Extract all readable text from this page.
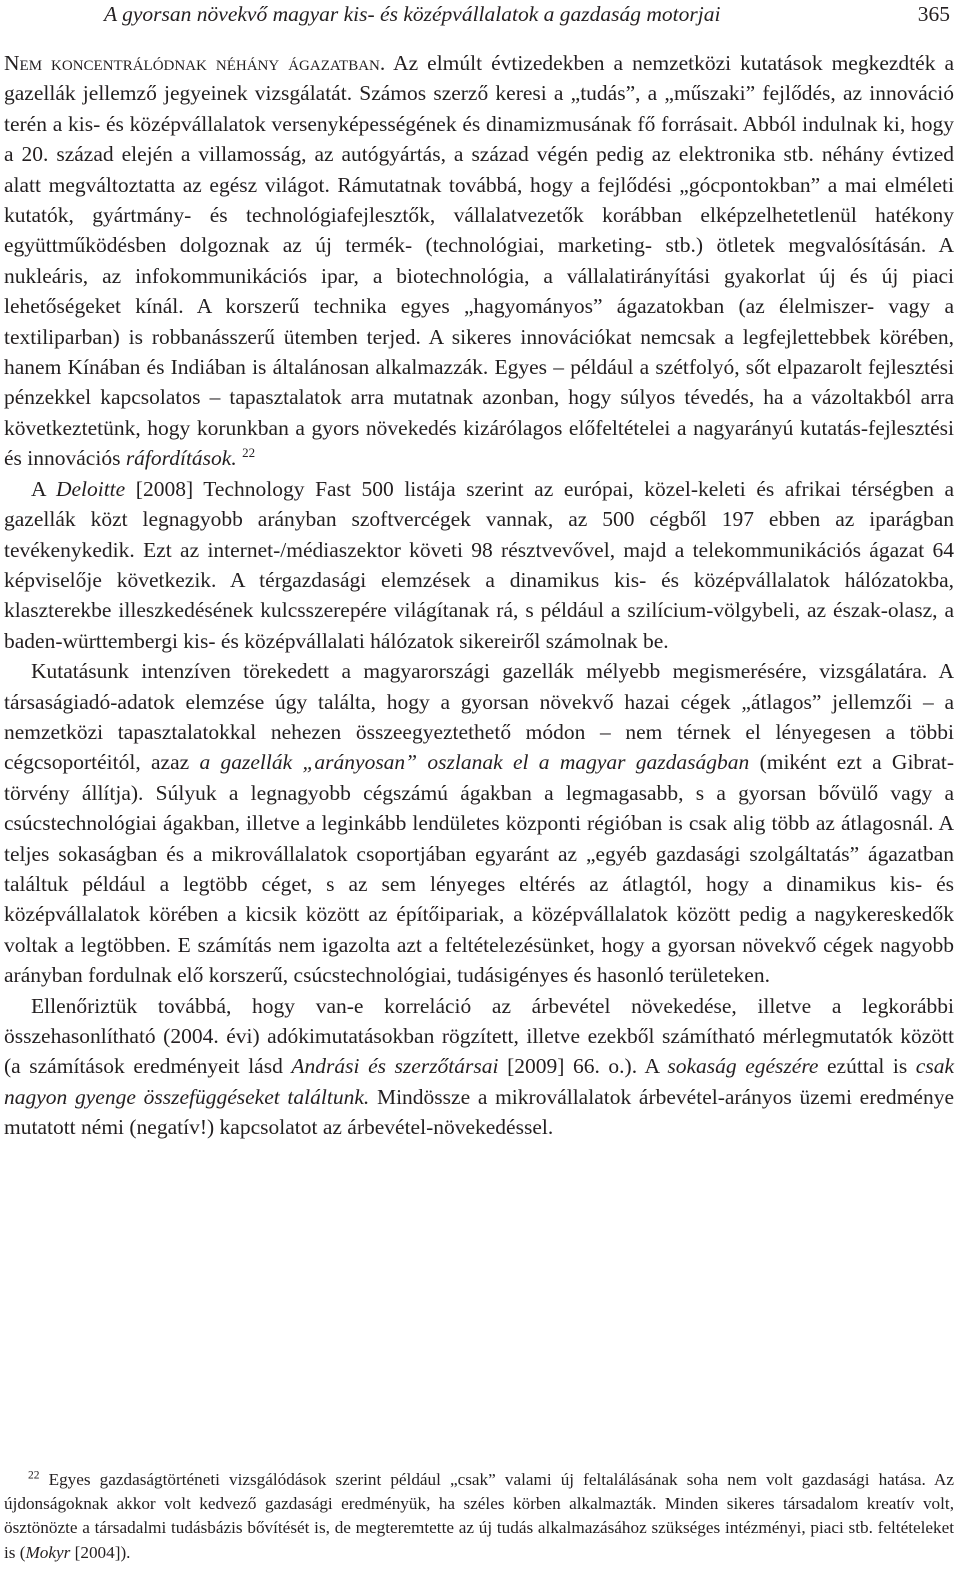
A gyorsan növekvő magyar kis- és középvállalatok a gazdaság motorjai	365

Nem koncentrálódnak néhány ágazatban. Az elmúlt évtizedekben a nemzetközi kutatások megkezdték a gazellák jellemző jegyeinek vizsgálatát. Számos szerző keresi a „tudás”, a „műszaki” fejlődés, az innováció terén a kis- és középvállalatok versenyképességének és dinamizmusának fő forrásait. Abból indulnak ki, hogy a 20. század elején a villamosság, az autógyártás, a század végén pedig az elektronika stb. néhány évtized alatt megváltoztatta az egész világot. Rámutatnak továbbá, hogy a fejlődési „gócpontokban” a mai elméleti kutatók, gyártmány- és technológiafejlesztők, vállalatvezetők korábban elképzelhetetlenül hatékony együttműködésben dolgoznak az új termék- (technológiai, marketing- stb.) ötletek megvalósításán. A nukleáris, az infokommunikációs ipar, a biotechnológia, a vállalatirányítási gyakorlat új és új piaci lehetőségeket kínál. A korszerű technika egyes „hagyományos” ágazatokban (az élelmiszer- vagy a textiliparban) is robbanásszerű ütemben terjed. A sikeres innovációkat nemcsak a legfejlettebbek körében, hanem Kínában és Indiában is általánosan alkalmazzák. Egyes – például a szétfolyó, sőt elpazarolt fejlesztési pénzekkel kapcsolatos – tapasztalatok arra mutatnak azonban, hogy súlyos tévedés, ha a vázoltakból arra következtetünk, hogy korunkban a gyors növekedés kizárólagos előfeltételei a nagyarányú kutatás-fejlesztési és innovációs ráfordítások. $^{22}$

A Deloitte [2008] Technology Fast 500 listája szerint az európai, közel-keleti és afrikai térségben a gazellák közt legnagyobb arányban szoftvercégek vannak, az 500 cégből 197 ebben az iparágban tevékenykedik. Ezt az internet-/médiaszektor követi 98 résztvevővel, majd a telekommunikációs ágazat 64 képviselője következik. A térgazdasági elemzések a dinamikus kis- és középvállalatok hálózatokba, klaszterekbe illeszkedésének kulcsszerepére világítanak rá, s például a szilícium-völgybeli, az észak-olasz, a baden-württembergi kis- és középvállalati hálózatok sikereiről számolnak be.

Kutatásunk intenzíven törekedett a magyarországi gazellák mélyebb megismerésére, vizsgálatára. A társaságiadó-adatok elemzése úgy találta, hogy a gyorsan növekvő hazai cégek „átlagos” jellemzői – a nemzetközi tapasztalatokkal nehezen összeegyeztethető módon – nem térnek el lényegesen a többi cégcsoportéitól, azaz a gazellák „arányosan” oszlanak el a magyar gazdaságban (miként ezt a Gibrat-törvény állítja). Súlyuk a legnagyobb cégszámú ágakban a legmagasabb, s a gyorsan bővülő vagy a csúcstechnológiai ágakban, illetve a leginkább lendületes központi régióban is csak alig több az átlagosnál. A teljes sokaságban és a mikrovállalatok csoportjában egyaránt az „egyéb gazdasági szolgáltatás” ágazatban találtuk például a legtöbb céget, s az sem lényeges eltérés az átlagtól, hogy a dinamikus kis- és középvállalatok körében a kicsik között az építőipariak, a középvállalatok között pedig a nagykereskedők voltak a legtöbben. E számítás nem igazolta azt a feltételezésünket, hogy a gyorsan növekvő cégek nagyobb arányban fordulnak elő korszerű, csúcstechnológiai, tudásigényes és hasonló területeken.

Ellenőriztük továbbá, hogy van-e korreláció az árbevétel növekedése, illetve a legkorábbi összehasonlítható (2004. évi) adókimutatásokban rögzített, illetve ezekből számítható mérlegmutatók között (a számítások eredményeit lásd Andrási és szerzőtársai [2009] 66. o.). A sokaság egészére ezúttal is csak nagyon gyenge összefüggéseket találtunk. Mindössze a mikrovállalatok árbevétel-arányos üzemi eredménye mutatott némi (negatív!) kapcsolatot az árbevétel-növekedéssel.

$^{22}$ Egyes gazdaságtörténeti vizsgálódások szerint például „csak” valami új feltalálásának soha nem volt gazdasági hatása. Az újdonságoknak akkor volt kedvező gazdasági eredményük, ha széles körben alkalmazták. Minden sikeres társadalom kreatív volt, ösztönözte a társadalmi tudásbázis bővítését is, de megteremtette az új tudás alkalmazásához szükséges intézményi, piaci stb. feltételeket is (Mokyr [2004]).
